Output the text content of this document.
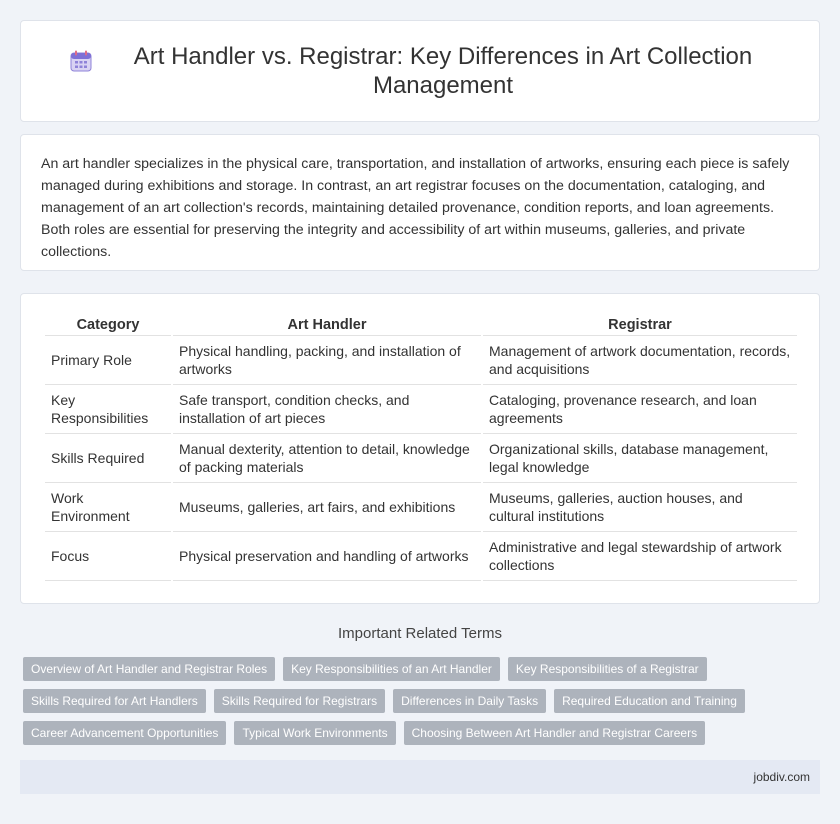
Art Handler vs. Registrar: Key Differences in Art Collection Management

An art handler specializes in the physical care, transportation, and installation of artworks, ensuring each piece is safely managed during exhibitions and storage. In contrast, an art registrar focuses on the documentation, cataloging, and management of an art collection's records, maintaining detailed provenance, condition reports, and loan agreements. Both roles are essential for preserving the integrity and accessibility of art within museums, galleries, and private collections.

Category	Art Handler	Registrar
Primary Role	Physical handling, packing, and installation of artworks	Management of artwork documentation, records, and acquisitions
Key Responsibilities	Safe transport, condition checks, and installation of art pieces	Cataloging, provenance research, and loan agreements
Skills Required	Manual dexterity, attention to detail, knowledge of packing materials	Organizational skills, database management, legal knowledge
Work Environment	Museums, galleries, art fairs, and exhibitions	Museums, galleries, auction houses, and cultural institutions
Focus	Physical preservation and handling of artworks	Administrative and legal stewardship of artwork collections
Important Related Terms
Overview of Art Handler and Registrar Roles	Key Responsibilities of an Art Handler	Key Responsibilities of a Registrar
Skills Required for Art Handlers	Skills Required for Registrars	Differences in Daily Tasks	Required Education and Training
Career Advancement Opportunities	Typical Work Environments	Choosing Between Art Handler and Registrar Careers
jobdiv.com
